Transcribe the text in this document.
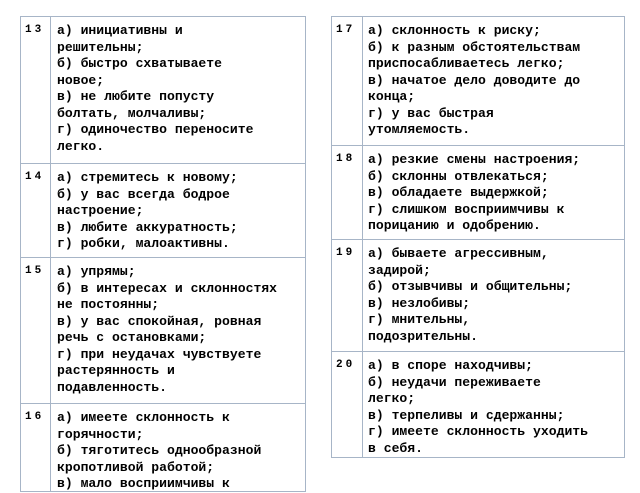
13 а) инициативны и
решительны;
б) быстро схватываете
новое;
в) не любите попусту
болтать, молчаливы;
г) одиночество переносите
легко.
14 а) стремитесь к новому;
б) у вас всегда бодрое
настроение;
в) любите аккуратность;
г) робки, малоактивны.
15 а) упрямы;
б) в интересах и склонностях
не постоянны;
в) у вас спокойная, ровная
речь с остановками;
г) при неудачах чувствуете
растерянность и
подавленность.
16 а) имеете склонность к
горячности;
б) тяготитесь однообразной
кропотливой работой;
в) мало восприимчивы к
17 а) склонность к риску;
б) к разным обстоятельствам
приспосабливаетесь легко;
в) начатое дело доводите до
конца;
г) у вас быстрая
утомляемость.
18 а) резкие смены настроения;
б) склонны отвлекаться;
в) обладаете выдержкой;
г) слишком восприимчивы к
порицанию и одобрению.
19 а) бываете агрессивным,
задирой;
б) отзывчивы и общительны;
в) незлобивы;
г) мнительны,
подозрительны.
20 а) в споре находчивы;
б) неудачи переживаете
легко;
в) терпеливы и сдержанны;
г) имеете склонность уходить
в себя.
